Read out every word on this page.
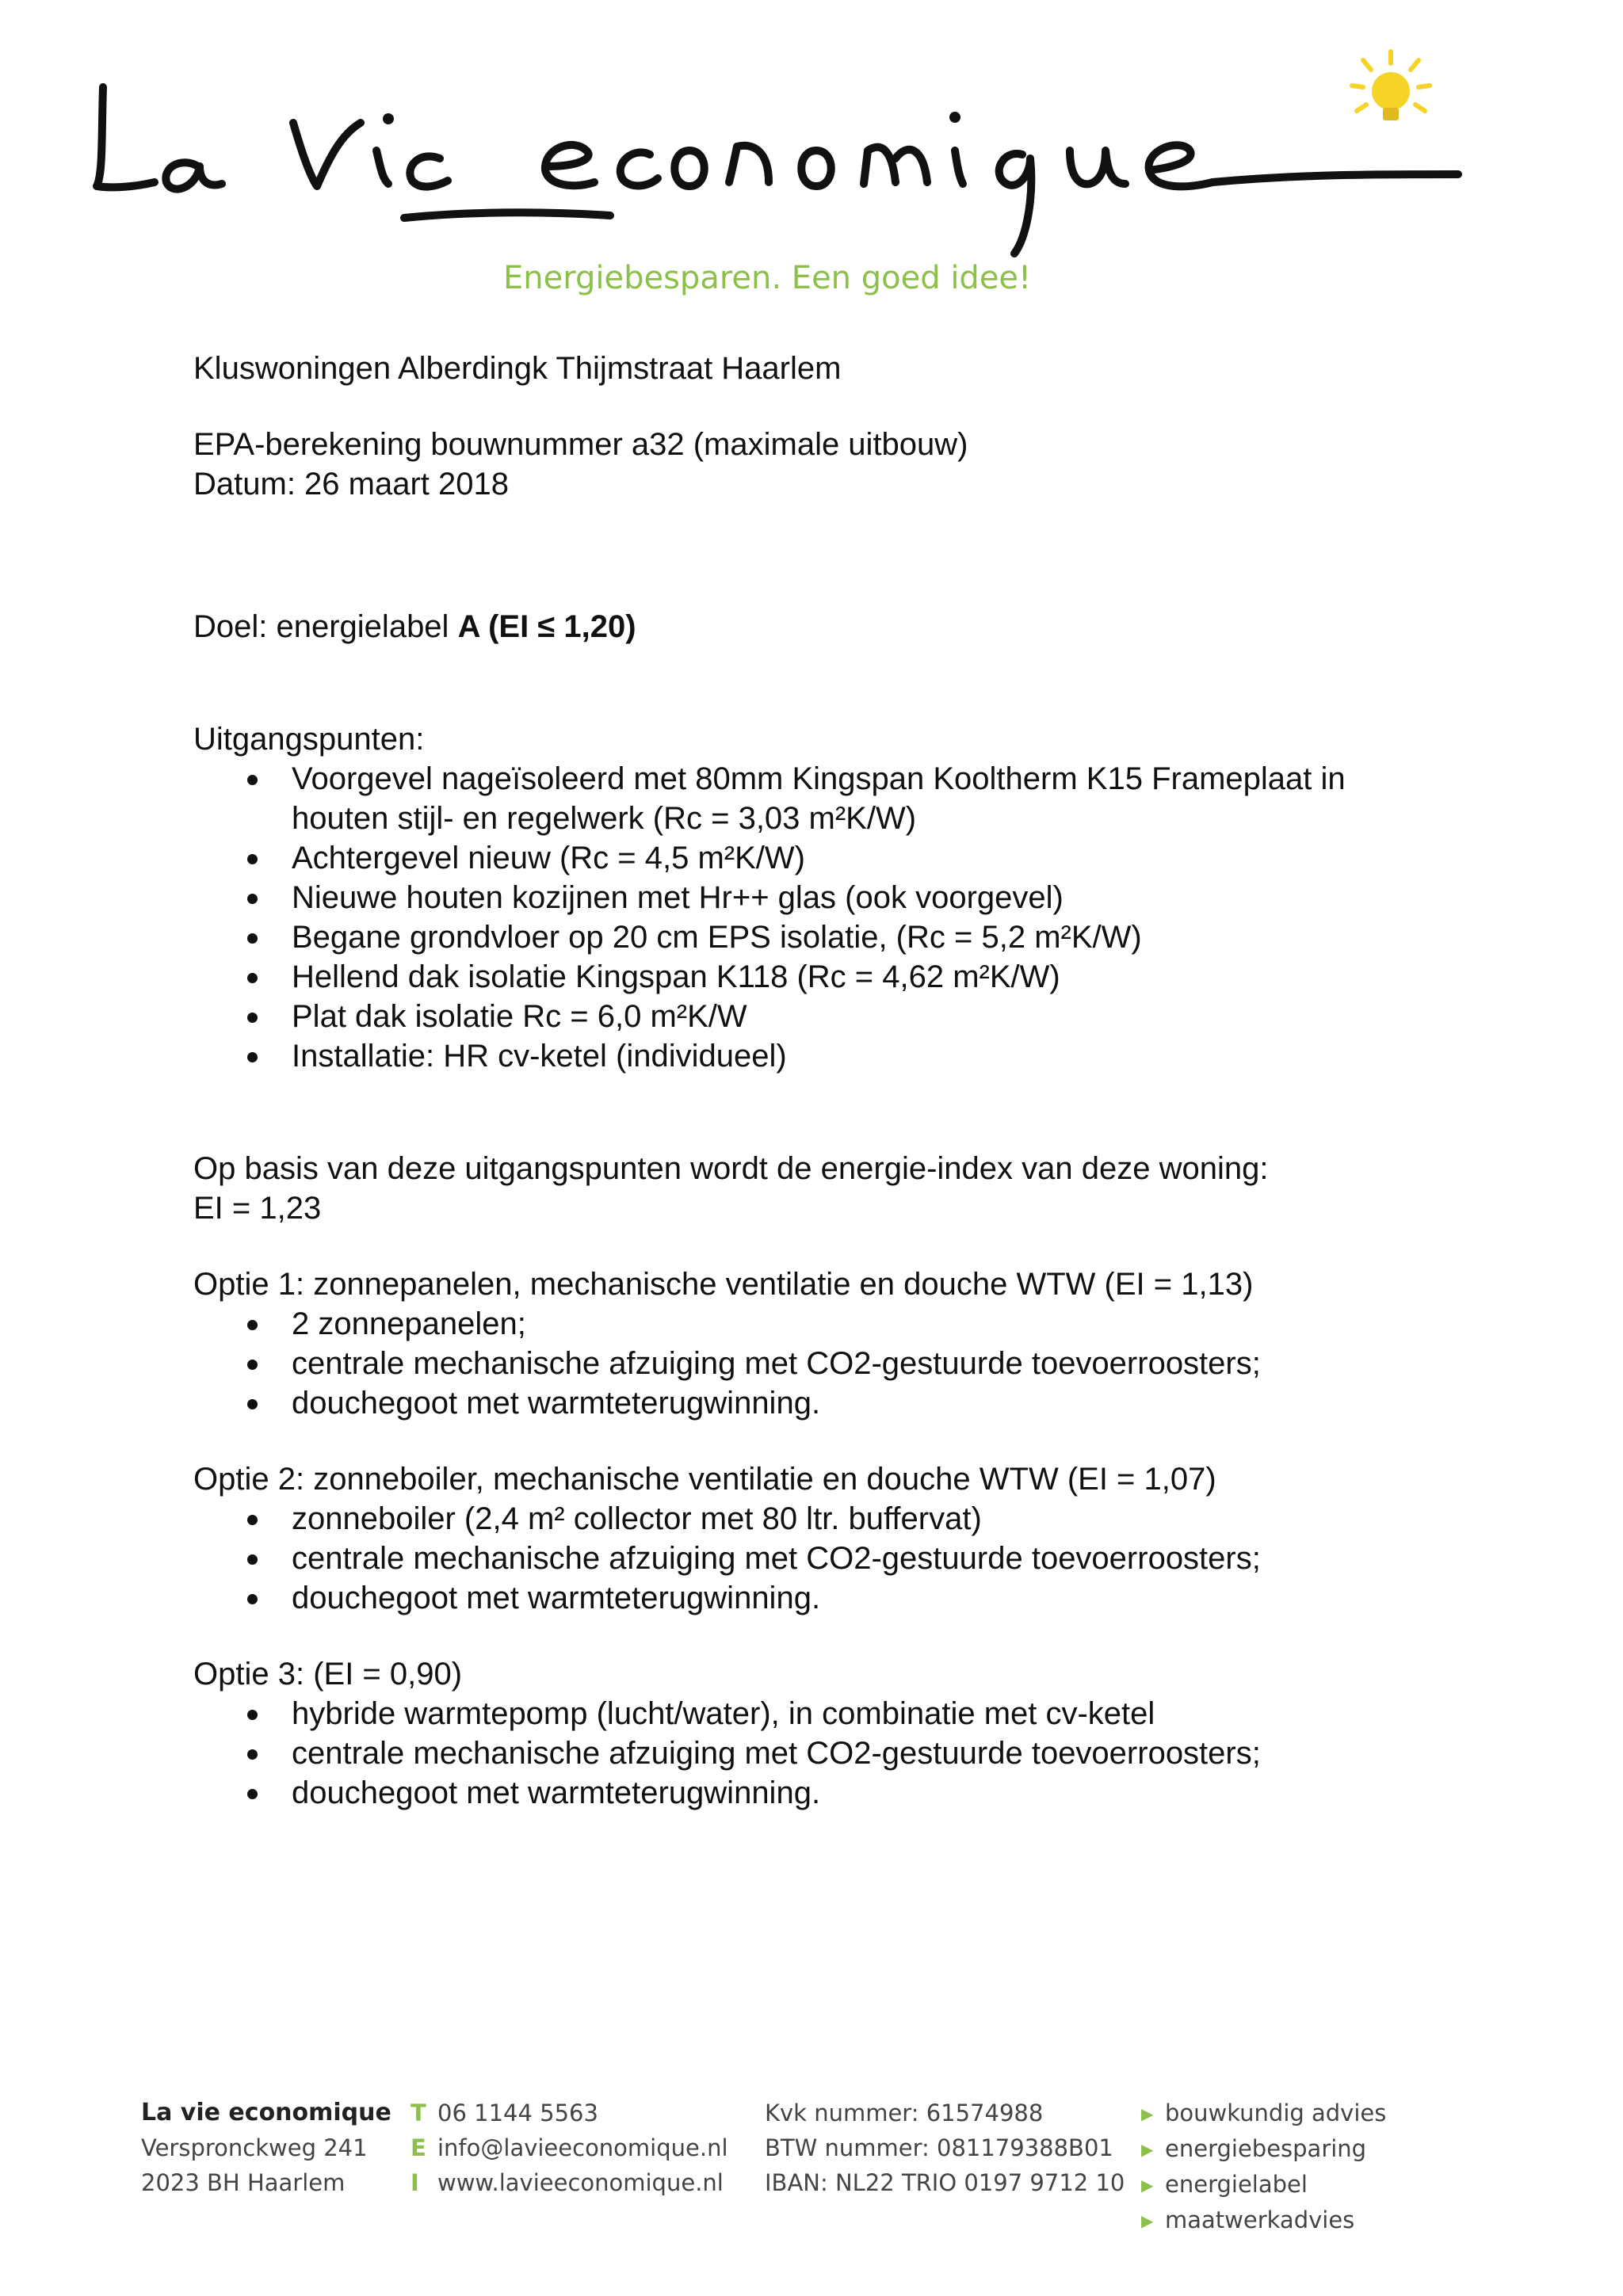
Energiebesparen. Een goed idee!

Kluswoningen Alberdingk Thijmstraat Haarlem

EPA-berekening bouwnummer a32 (maximale uitbouw)

Datum: 26 maart 2018

Doel: energielabel A (EI ≤ 1,20)

Uitgangspunten:

Voorgevel nageïsoleerd met 80mm Kingspan Kooltherm K15 Frameplaat in houten stijl- en regelwerk (Rc = 3,03 m²K/W)
Achtergevel nieuw (Rc = 4,5 m²K/W)
Nieuwe houten kozijnen met Hr++ glas (ook voorgevel)
Begane grondvloer op 20 cm EPS isolatie, (Rc = 5,2 m²K/W)
Hellend dak isolatie Kingspan K118 (Rc = 4,62 m²K/W)
Plat dak isolatie Rc = 6,0 m²K/W
Installatie: HR cv-ketel (individueel)

Op basis van deze uitgangspunten wordt de energie-index van deze woning:

EI = 1,23

Optie 1: zonnepanelen, mechanische ventilatie en douche WTW (EI = 1,13)

2 zonnepanelen;
centrale mechanische afzuiging met CO2-gestuurde toevoerroosters;
douchegoot met warmteterugwinning.

Optie 2: zonneboiler, mechanische ventilatie en douche WTW (EI = 1,07)

zonneboiler (2,4 m² collector met 80 ltr. buffervat)
centrale mechanische afzuiging met CO2-gestuurde toevoerroosters;
douchegoot met warmteterugwinning.

Optie 3: (EI = 0,90)

hybride warmtepomp (lucht/water), in combinatie met cv-ketel
centrale mechanische afzuiging met CO2-gestuurde toevoerroosters;
douchegoot met warmteterugwinning.
La vie economique
Verspronckweg 241
2023 BH Haarlem
T 06 1144 5563
E info@lavieeconomique.nl
I www.lavieeconomique.nl
Kvk nummer: 61574988
BTW nummer: 081179388B01
IBAN: NL22 TRIO 0197 9712 10
▶ bouwkundig advies
▶ energiebesparing
▶ energielabel
▶ maatwerkadvies
